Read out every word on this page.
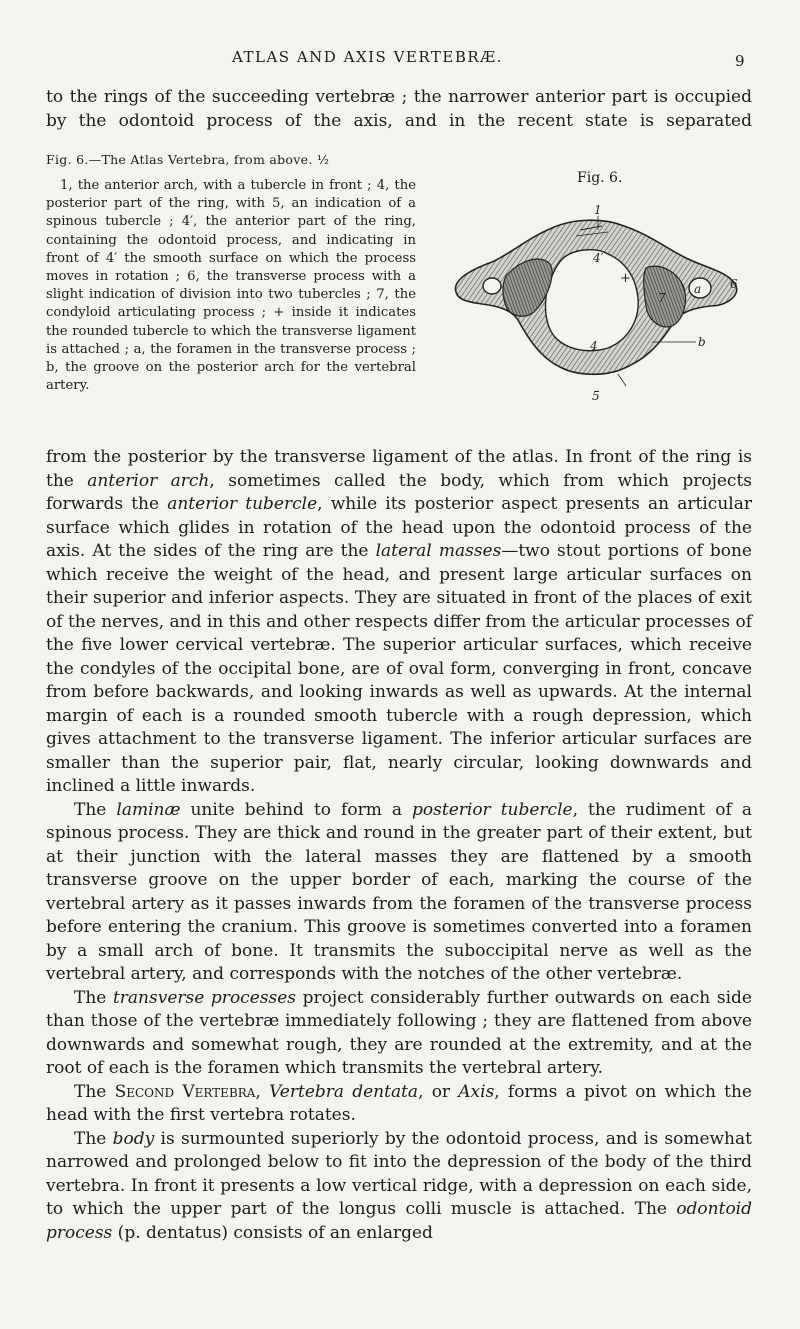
ATLAS AND AXIS VERTEBRÆ.	9

to the rings of the succeeding vertebræ ; the narrower anterior part is occupied by the odontoid process of the axis, and in the recent state is separated

Fig. 6.—The Atlas Vertebra, from above. ½

1, the anterior arch, with a tubercle in front ; 4, the posterior part of the ring, with 5, an indication of a spinous tubercle ; 4′, the anterior part of the ring, containing the odontoid process, and indicating in front of 4′ the smooth surface on which the process moves in rotation ; 6, the transverse process with a slight indication of division into two tubercles ; 7, the condyloid articulating process ; + inside it indicates the rounded tubercle to which the transverse ligament is attached ; a, the foramen in the transverse process ; b, the groove on the posterior arch for the vertebral artery.

Fig. 6.
1
4′
+
7
a 6
4	b
5

from the posterior by the transverse ligament of the atlas. In front of the ring is the anterior arch, sometimes called the body, which from which projects forwards the anterior tubercle, while its posterior aspect presents an articular surface which glides in rotation of the head upon the odontoid process of the axis. At the sides of the ring are the lateral masses—two stout portions of bone which receive the weight of the head, and present large articular surfaces on their superior and inferior aspects. They are situated in front of the places of exit of the nerves, and in this and other respects differ from the articular processes of the five lower cervical vertebræ. The superior articular surfaces, which receive the condyles of the occipital bone, are of oval form, converging in front, concave from before backwards, and looking inwards as well as upwards. At the internal margin of each is a rounded smooth tubercle with a rough depression, which gives attachment to the transverse ligament. The inferior articular surfaces are smaller than the superior pair, flat, nearly circular, looking downwards and inclined a little inwards.

The laminæ unite behind to form a posterior tubercle, the rudiment of a spinous process. They are thick and round in the greater part of their extent, but at their junction with the lateral masses they are flattened by a smooth transverse groove on the upper border of each, marking the course of the vertebral artery as it passes inwards from the foramen of the transverse process before entering the cranium. This groove is sometimes converted into a foramen by a small arch of bone. It transmits the suboccipital nerve as well as the vertebral artery, and corresponds with the notches of the other vertebræ.

The transverse processes project considerably further outwards on each side than those of the vertebræ immediately following ; they are flattened from above downwards and somewhat rough, they are rounded at the extremity, and at the root of each is the foramen which transmits the vertebral artery.

The Second Vertebra, Vertebra dentata, or Axis, forms a pivot on which the head with the first vertebra rotates.

The body is surmounted superiorly by the odontoid process, and is somewhat narrowed and prolonged below to fit into the depression of the body of the third vertebra. In front it presents a low vertical ridge, with a depression on each side, to which the upper part of the longus colli muscle is attached. The odontoid process (p. dentatus) consists of an enlarged
